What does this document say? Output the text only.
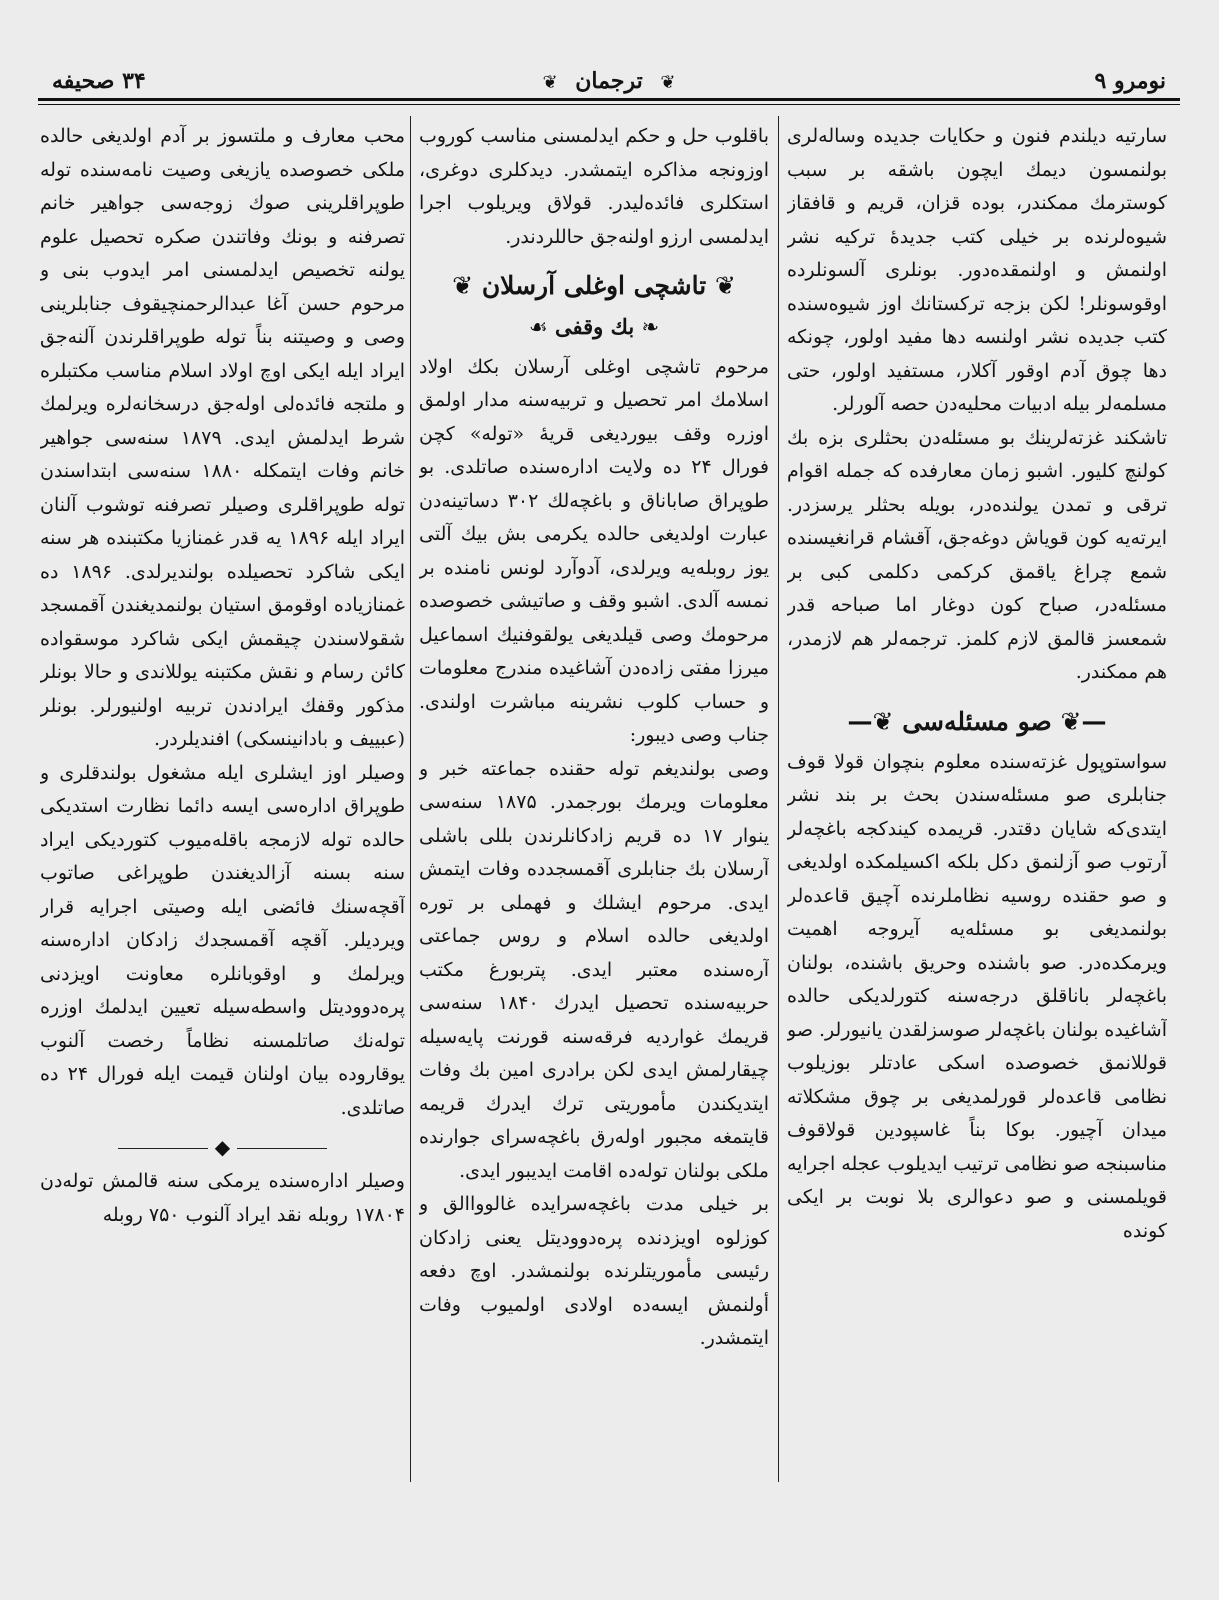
نومرو ۹
❦ ترجمان ❦
۳۴ صحیفه

سارتیه دیلندم فنون و حکایات جدیده وساله‌لری بولنمسون دیمك ایچون باشقه بر سبب کوسترمك ممکندر، بوده قزان، قریم و قافقاز شیوه‌لرنده بر خیلی کتب جدیدهٔ ترکیه نشر اولنمش و اولنمقده‌دور. بونلری آلسونلرده اوقوسونلر! لکن بزجه ترکستانك اوز شیوه‌سنده کتب جدیده نشر اولنسه دها مفید اولور، چونکه دها چوق آدم اوقور آکلار، مستفید اولور، حتی مسلمه‌لر بیله ادبیات محلیه‌دن حصه آلورلر.

تاشکند غزته‌لرینك بو مسئله‌دن بحثلری بزه بك کولنچ کلیور. اشبو زمان معارفده که جمله اقوام ترقی و تمدن یولنده‌در، بویله بحثلر یرسزدر. ایرته‌یه کون قویاش دوغه‌جق، آقشام قرانغیسنده شمع چراغ یاقمق کرکمی دکلمی کبی بر مسئله‌در، صباح کون دوغار اما صباحه قدر شمعسز قالمق لازم کلمز. ترجمه‌لر هم لازمدر، هم ممکندر.

—❦ صو مسئله‌سی ❦—

سواستوپول غزته‌سنده معلوم بنچوان قولا قوف جنابلری صو مسئله‌سندن بحث بر بند نشر ایتدی‌که شایان دقتدر. قریمده کیندکجه باغچه‌لر آرتوب صو آزلنمق دکل بلکه اکسیلمکده اولدیغی و صو حقنده روسیه نظاملرنده آچیق قاعده‌لر بولنمدیغی بو مسئله‌یه آیروجه اهمیت ویرمکده‌در. صو باشنده وحریق باشنده، بولنان باغچه‌لر باناقلق درجه‌سنه کتورلدیکی حالده آشاغیده بولنان باغچه‌لر صوسزلقدن یانیورلر. صو قوللانمق خصوصده اسکی عادتلر بوزیلوب نظامی قاعده‌لر قورلمدیغی بر چوق مشکلاته میدان آچیور. بوکا بناً غاسپودین قولاقوف مناسبنجه صو نظامی ترتیب ایدیلوب عجله اجرایه قویلمسنی و صو دعوالری بلا نوبت بر ایکی کونده

باقلوب حل و حکم ایدلمسنی مناسب کوروب اوزونجه مذاکره ایتمشدر. دیدکلری دوغری، استکلری فائده‌لیدر. قولاق ویریلوب اجرا ایدلمسی ارزو اولنه‌جق حاللردندر.

❦ تاشچی اوغلی آرسلان ❦
❧ بك وقفی ☙

مرحوم تاشچی اوغلی آرسلان بکك اولاد اسلامك امر تحصیل و تربیه‌سنه مدار اولمق اوزره وقف بیوردیغی قریهٔ «توله» کچن فورال ۲۴ ده ولایت اداره‌سنده صاتلدی. بو طوپراق صاباناق و باغچه‌لك ۳۰۲ دساتینه‌دن عبارت اولدیغی حالده یکرمی بش بیك آلتی یوز روبله‌یه ویرلدی، آدوآرد لونس نامنده بر نمسه آلدی. اشبو وقف و صاتیشی خصوصده مرحومك وصی قیلدیغی یولقوفنیك اسماعیل میرزا مفتی زاده‌دن آشاغیده مندرج معلومات و حساب کلوب نشرینه مباشرت اولندی. جناب وصی دیبور:

وصی بولندیغم توله حقنده جماعته خبر و معلومات ویرمك بورجمدر. ۱۸۷۵ سنه‌سی ینوار ۱۷ ده قریم زادکانلرندن بللی باشلی آرسلان بك جنابلری آقمسجدده وفات ایتمش ایدی. مرحوم ایشلك و فهملی بر توره اولدیغی حالده اسلام و روس جماعتی آره‌سنده معتبر ایدی. پتربورغ مکتب حربیه‌سنده تحصیل ایدرك ۱۸۴۰ سنه‌سی قریمك غواردیه فرقه‌سنه قورنت پایه‌سیله چیقارلمش ایدی لکن برادری امین بك وفات ایتدیکندن مأموریتی ترك ایدرك قریمه قایتمغه مجبور اوله‌رق باغچه‌سرای جوارنده ملکی بولنان توله‌ده اقامت ایدیبور ایدی.

بر خیلی مدت باغچه‌سرایده غالوواالق و کوزلوه اویزدنده پره‌دوودیتل یعنی زادکان رئیسی مأموریتلرنده بولنمشدر. اوچ دفعه أولنمش ایسه‌ده اولادی اولمیوب وفات ایتمشدر.

محب معارف و ملتسوز بر آدم اولدیغی حالده ملکی خصوصده یازیغی وصیت نامه‌سنده توله طوپراقلرینی صوك زوجه‌سی جواهیر خانم تصرفنه و بونك وفاتندن صکره تحصیل علوم یولنه تخصیص ایدلمسنی امر ایدوب بنی و مرحوم حسن آغا عبدالرحمنچیقوف جنابلرینی وصی و وصیتنه بناً توله طوپراقلرندن آلنه‌جق ایراد ایله ایکی اوچ اولاد اسلام مناسب مکتبلره و ملتجه فائده‌لی اوله‌جق درسخانه‌لره ویرلمك شرط ایدلمش ایدی. ۱۸۷۹ سنه‌سی جواهیر خانم وفات ایتمکله ۱۸۸۰ سنه‌سی ابتداسندن توله طوپراقلری وصیلر تصرفنه توشوب آلنان ایراد ایله ۱۸۹۶ یه قدر غمنازیا مکتبنده هر سنه ایکی شاکرد تحصیلده بولندیرلدی. ۱۸۹۶ ده غمنازیاده اوقومق استیان بولنمدیغندن آقمسجد شقولاسندن چیقمش ایکی شاکرد موسقواده کائن رسام و نقش مکتبنه یوللاندی و حالا بونلر مذکور وقفك ایرادندن تربیه اولنیورلر. بونلر (عبییف و بادانینسکی) افندیلردر.

وصیلر اوز ایشلری ایله مشغول بولندقلری و طوپراق اداره‌سی ایسه دائما نظارت استدیکی حالده توله لازمجه باقله‌میوب کتوردیکی ایراد سنه بسنه آزالدیغندن طوپراغی صاتوب آقچه‌سنك فائضی ایله وصیتی اجرایه قرار ویردیلر. آقچه آقمسجدك زادکان اداره‌سنه ویرلمك و اوقوبانلره معاونت اویزدنی پره‌دوودیتل واسطه‌سیله تعیین ایدلمك اوزره توله‌نك صاتلمسنه نظاماً رخصت آلنوب یوقاروده بیان اولنان قیمت ایله فورال ۲۴ ده صاتلدی.

◆

وصیلر اداره‌سنده یرمکی سنه قالمش توله‌دن ۱۷۸۰۴ روبله نقد ایراد آلنوب ۷۵۰ روبله
